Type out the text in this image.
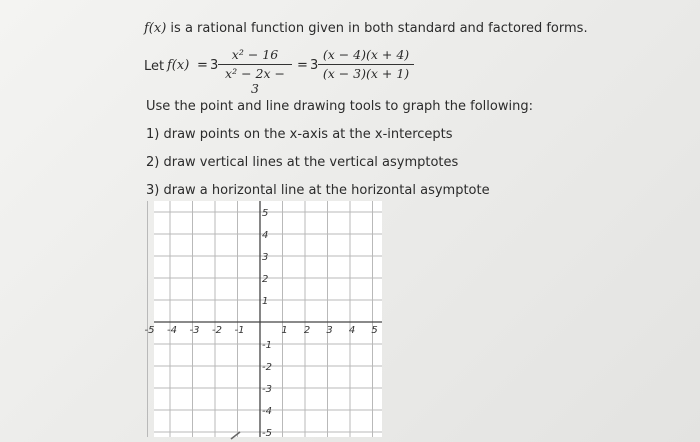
f(x) is a rational function given in both standard and factored forms.
Let f(x) = 3
x² − 16
x² − 2x − 3
= 3
(x − 4)(x + 4)
(x − 3)(x + 1)
Use the point and line drawing tools to graph the following:
1) draw points on the x-axis at the x-intercepts
2) draw vertical lines at the vertical asymptotes
3) draw a horizontal line at the horizontal asymptote
-5 -4 -3 -2 -1	1 2 3 4 5
5
4
3
2
1
-1
-2
-3
-4
-5
